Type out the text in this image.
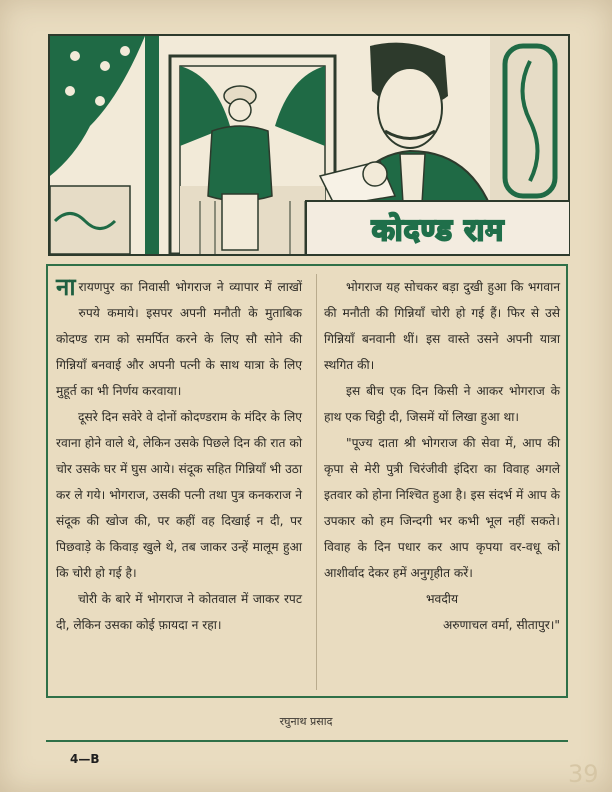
कोदण्ड राम

नारायणपुर का निवासी भोगराज ने व्यापार में लाखों रुपये कमाये। इसपर अपनी मनौती के मुताबिक कोदण्ड राम को समर्पित करने के लिए सौ सोने की गिन्नियाँ बनवाई और अपनी पत्नी के साथ यात्रा के लिए मुहूर्त का भी निर्णय करवाया।

दूसरे दिन सवेरे वे दोनों कोदण्डराम के मंदिर के लिए रवाना होने वाले थे, लेकिन उसके पिछले दिन की रात को चोर उसके घर में घुस आये। संदूक सहित गिन्नियाँ भी उठा कर ले गये। भोगराज, उसकी पत्नी तथा पुत्र कनकराज ने संदूक की खोज की, पर कहीं वह दिखाई न दी, पर पिछवाड़े के किवाड़ खुले थे, तब जाकर उन्हें मालूम हुआ कि चोरी हो गई है।

चोरी के बारे में भोगराज ने कोतवाल में जाकर रपट दी, लेकिन उसका कोई फ़ायदा न रहा।

भोगराज यह सोचकर बड़ा दुखी हुआ कि भगवान की मनौती की गिन्नियाँ चोरी हो गई हैं। फिर से उसे गिन्नियाँ बनवानी थीं। इस वास्ते उसने अपनी यात्रा स्थगित की।

इस बीच एक दिन किसी ने आकर भोगराज के हाथ एक चिट्ठी दी, जिसमें यों लिखा हुआ था।

"पूज्य दाता श्री भोगराज की सेवा में, आप की कृपा से मेरी पुत्री चिरंजीवी इंदिरा का विवाह अगले इतवार को होना निश्चित हुआ है। इस संदर्भ में आप के उपकार को हम जिन्दगी भर कभी भूल नहीं सकते। विवाह के दिन पधार कर आप कृपया वर-वधू को आशीर्वाद देकर हमें अनुगृहीत करें।

भवदीय

अरुणाचल वर्मा, सीतापुर।"

रघुनाथ प्रसाद
4—B
39
